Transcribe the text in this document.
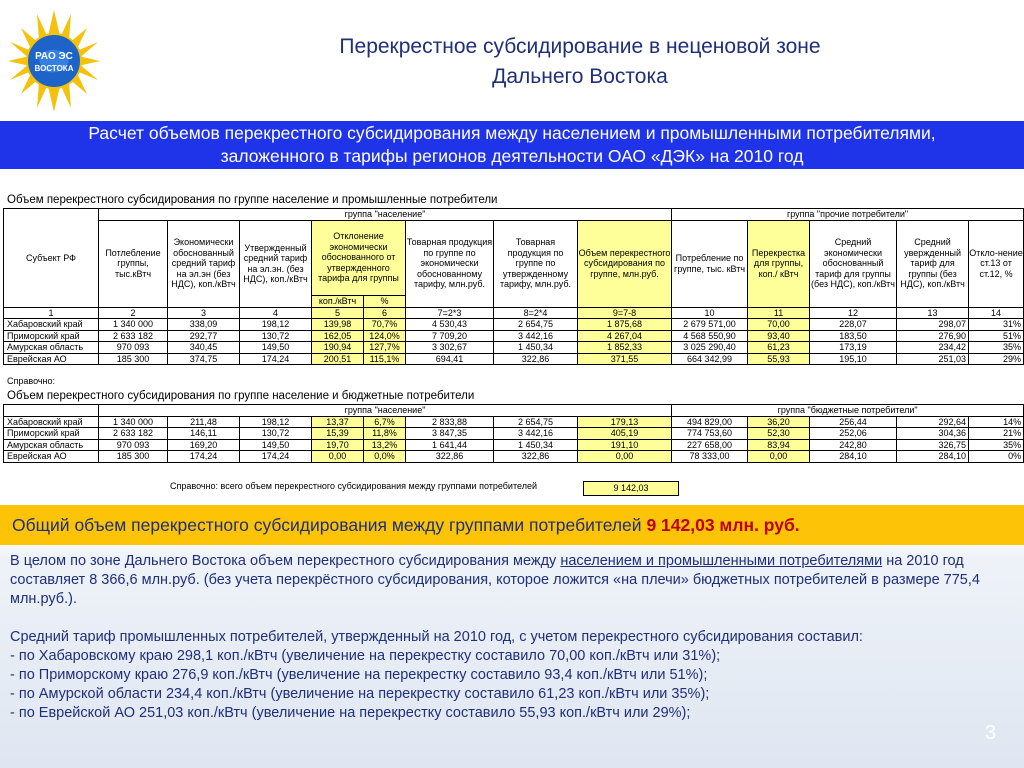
РАО ЭС
ВОСТОКА
Перекрестное субсидирование в неценовой зоне
Дальнего Востока
Расчет объемов перекрестного субсидирования между населением и промышленными потребителями,
заложенного в тарифы регионов деятельности ОАО «ДЭК» на 2010 год
Объем перекрестного субсидирования по группе население и промышленные потребители
Субъект РФ	группа "население"								группа "прочие потребители"				
	Потлебление группы, тыс.кВтч	Экономически обоснованный средний тариф на эл.эн (без НДС), коп./кВтч	Утвержденный средний тариф на эл.эн. (без НДС), коп./кВтч	Отклонение экономически обоснованного от утвержденного тарифа для группы		Товарная продукция по группе по экономически обоснованному тарифу, млн.руб.	Товарная продукция по группе по утвержденному тарифу, млн.руб.	Объем перекрестного субсидирования по группе, млн.руб.	Потребление по группе, тыс. кВтч	Перекрестка для группы, коп./ кВтч	Средний экономически обоснованный тариф для группы (без НДС), коп./кВтч	Средний увержденный тариф для группы (без НДС), коп./кВтч	Откло-нение ст.13 от ст.12, %
				коп./кВтч	%								
1	2	3	4	5	6	7=2*3	8=2*4	9=7-8	10	11	12	13	14
Хабаровский край	1 340 000	338,09	198,12	139,98	70,7%	4 530,43	2 654,75	1 875,68	2 679 571,00	70,00	228,07	298,07	31%
Приморский край	2 633 182	292,77	130,72	162,05	124,0%	7 709,20	3 442,16	4 267,04	4 568 550,90	93,40	183,50	276,90	51%
Амурская область	970 093	340,45	149,50	190,94	127,7%	3 302,67	1 450,34	1 852,33	3 025 290,40	61,23	173,19	234,42	35%
Еврейская АО	185 300	374,75	174,24	200,51	115,1%	694,41	322,86	371,55	664 342,99	55,93	195,10	251,03	29%
Справочно:
Объем перекрестного субсидирования по группе население и бюджетные потребители
	группа "население"								группа "бюджетные потребители"				
Хабаровский край	1 340 000	211,48	198,12	13,37	6,7%	2 833,88	2 654,75	179,13	494 829,00	36,20	256,44	292,64	14%
Приморский край	2 633 182	146,11	130,72	15,39	11,8%	3 847,35	3 442,16	405,19	774 753,60	52,30	252,06	304,36	21%
Амурская область	970 093	169,20	149,50	19,70	13,2%	1 641,44	1 450,34	191,10	227 658,00	83,94	242,80	326,75	35%
Еврейская АО	185 300	174,24	174,24	0,00	0,0%	322,86	322,86	0,00	78 333,00	0,00	284,10	284,10	0%
Справочно: всего объем перекрестного субсидирования между группами потребителей	9 142,03
Общий объем перекрестного субсидирования между группами потребителей 9 142,03 млн. руб.

В целом по зоне Дальнего Востока объем перекрестного субсидирования между населением и промышленными потребителями на 2010 год составляет 8 366,6 млн.руб. (без учета перекрёстного субсидирования, которое ложится «на плечи» бюджетных потребителей в размере 775,4 млн.руб.).

Средний тариф промышленных потребителей, утвержденный на 2010 год, с учетом перекрестного субсидирования составил:

- по Хабаровскому краю 298,1 коп./кВтч (увеличение на перекрестку составило 70,00 коп./кВтч или 31%);

- по Приморскому краю 276,9 коп./кВтч (увеличение на перекрестку составило 93,4 коп./кВтч или 51%);

- по Амурской области 234,4 коп./кВтч (увеличение на перекрестку составило 61,23 коп./кВтч или 35%);

- по Еврейской АО 251,03 коп./кВтч (увеличение на перекрестку составило 55,93 коп./кВтч или 29%);

3
